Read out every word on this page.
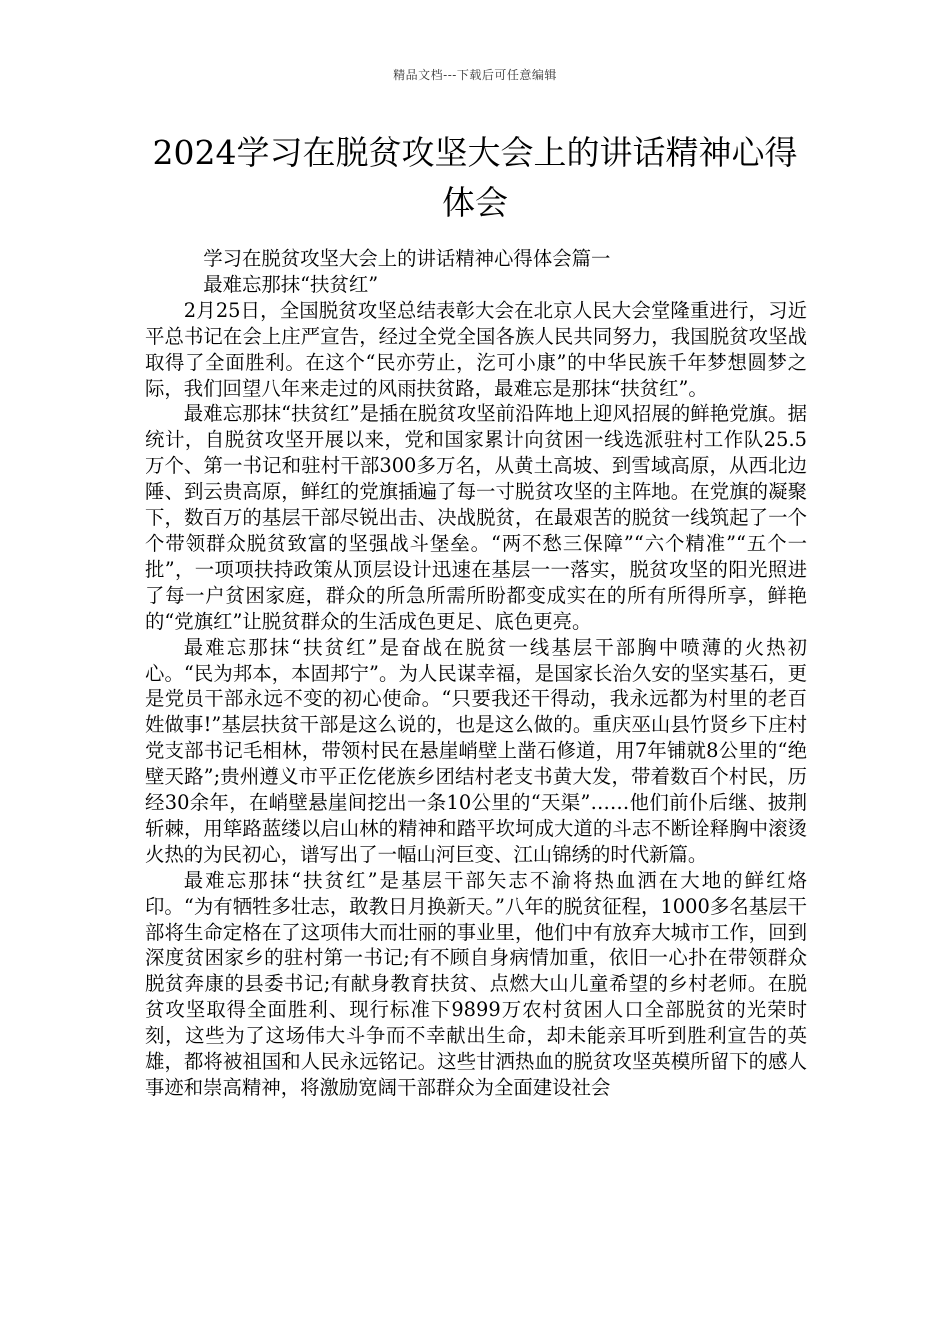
精品文档---下载后可任意编辑
2024学习在脱贫攻坚大会上的讲话精神心得体会

学习在脱贫攻坚大会上的讲话精神心得体会篇一

最难忘那抹“扶贫红”

2月25日，全国脱贫攻坚总结表彰大会在北京人民大会堂隆重进行，习近平总书记在会上庄严宣告，经过全党全国各族人民共同努力，我国脱贫攻坚战取得了全面胜利。在这个“民亦劳止，汔可小康”的中华民族千年梦想圆梦之际，我们回望八年来走过的风雨扶贫路，最难忘是那抹“扶贫红”。

最难忘那抹“扶贫红”是插在脱贫攻坚前沿阵地上迎风招展的鲜艳党旗。据统计，自脱贫攻坚开展以来，党和国家累计向贫困一线选派驻村工作队25.5万个、第一书记和驻村干部300多万名，从黄土高坡、到雪域高原，从西北边陲、到云贵高原，鲜红的党旗插遍了每一寸脱贫攻坚的主阵地。在党旗的凝聚下，数百万的基层干部尽锐出击、决战脱贫，在最艰苦的脱贫一线筑起了一个个带领群众脱贫致富的坚强战斗堡垒。“两不愁三保障”“六个精准”“五个一批”，一项项扶持政策从顶层设计迅速在基层一一落实，脱贫攻坚的阳光照进了每一户贫困家庭，群众的所急所需所盼都变成实在的所有所得所享，鲜艳的“党旗红”让脱贫群众的生活成色更足、底色更亮。

最难忘那抹“扶贫红”是奋战在脱贫一线基层干部胸中喷薄的火热初心。“民为邦本，本固邦宁”。为人民谋幸福，是国家长治久安的坚实基石，更是党员干部永远不变的初心使命。“只要我还干得动，我永远都为村里的老百姓做事!”基层扶贫干部是这么说的，也是这么做的。重庆巫山县竹贤乡下庄村党支部书记毛相林，带领村民在悬崖峭壁上凿石修道，用7年铺就8公里的“绝壁天路”;贵州遵义市平正仡佬族乡团结村老支书黄大发，带着数百个村民，历经30余年，在峭壁悬崖间挖出一条10公里的“天渠”……他们前仆后继、披荆斩棘，用筚路蓝缕以启山林的精神和踏平坎坷成大道的斗志不断诠释胸中滚烫火热的为民初心，谱写出了一幅山河巨变、江山锦绣的时代新篇。

最难忘那抹“扶贫红”是基层干部矢志不渝将热血洒在大地的鲜红烙印。“为有牺牲多壮志，敢教日月换新天。”八年的脱贫征程，1000多名基层干部将生命定格在了这项伟大而壮丽的事业里，他们中有放弃大城市工作，回到深度贫困家乡的驻村第一书记;有不顾自身病情加重，依旧一心扑在带领群众脱贫奔康的县委书记;有献身教育扶贫、点燃大山儿童希望的乡村老师。在脱贫攻坚取得全面胜利、现行标准下9899万农村贫困人口全部脱贫的光荣时刻，这些为了这场伟大斗争而不幸献出生命，却未能亲耳听到胜利宣告的英雄，都将被祖国和人民永远铭记。这些甘洒热血的脱贫攻坚英模所留下的感人事迹和崇高精神，将激励宽阔干部群众为全面建设社会
